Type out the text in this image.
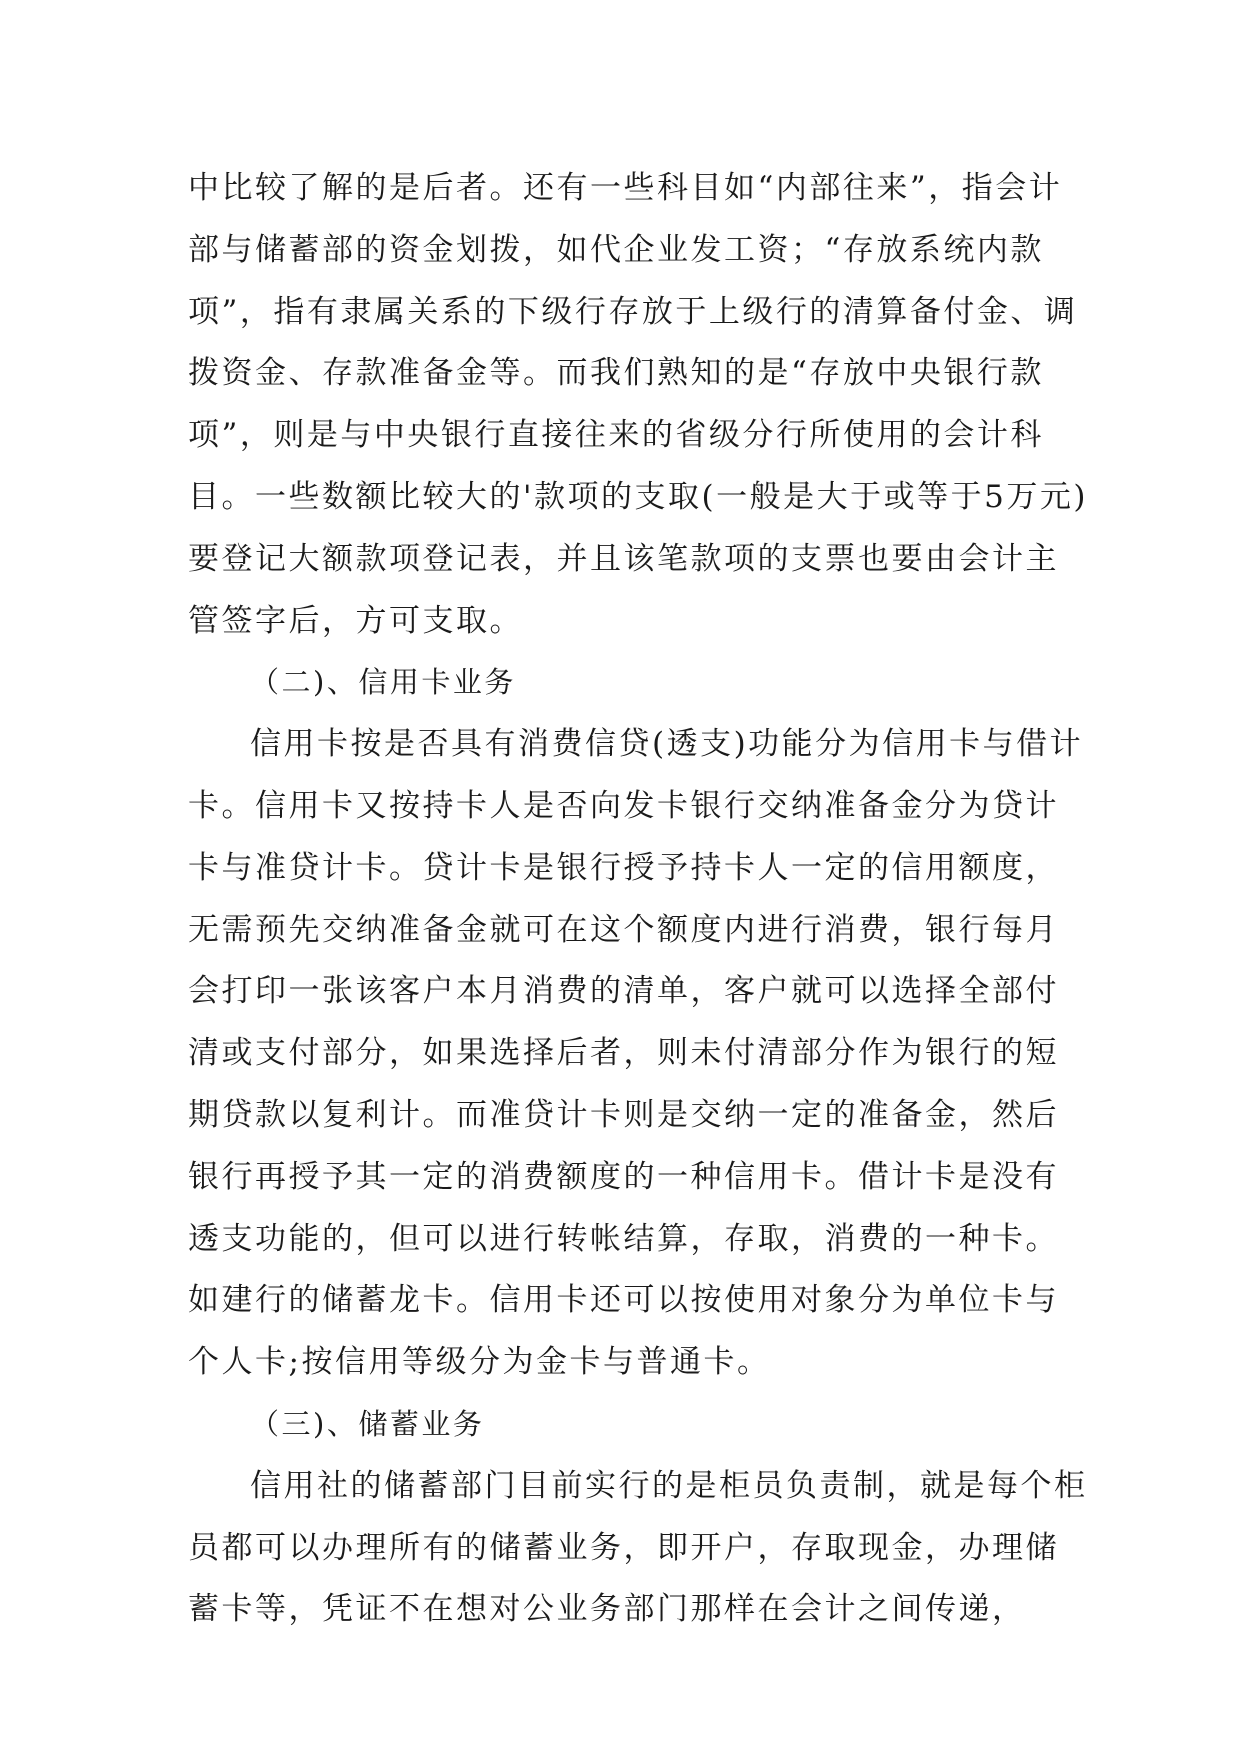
中比较了解的是后者。还有一些科目如“内部往来”，指会计部与储蓄部的资金划拨，如代企业发工资；“存放系统内款项”，指有隶属关系的下级行存放于上级行的清算备付金、调拨资金、存款准备金等。而我们熟知的是“存放中央银行款项”，则是与中央银行直接往来的省级分行所使用的会计科目。一些数额比较大的'款项的支取(一般是大于或等于5万元)要登记大额款项登记表，并且该笔款项的支票也要由会计主管签字后，方可支取。

（二)、信用卡业务

信用卡按是否具有消费信贷(透支)功能分为信用卡与借计卡。信用卡又按持卡人是否向发卡银行交纳准备金分为贷计卡与准贷计卡。贷计卡是银行授予持卡人一定的信用额度，无需预先交纳准备金就可在这个额度内进行消费，银行每月会打印一张该客户本月消费的清单，客户就可以选择全部付清或支付部分，如果选择后者，则未付清部分作为银行的短期贷款以复利计。而准贷计卡则是交纳一定的准备金，然后银行再授予其一定的消费额度的一种信用卡。借计卡是没有透支功能的，但可以进行转帐结算，存取，消费的一种卡。如建行的储蓄龙卡。信用卡还可以按使用对象分为单位卡与个人卡;按信用等级分为金卡与普通卡。

（三)、储蓄业务

信用社的储蓄部门目前实行的是柜员负责制，就是每个柜员都可以办理所有的储蓄业务，即开户，存取现金，办理储蓄卡等，凭证不在想对公业务部门那样在会计之间传递，
